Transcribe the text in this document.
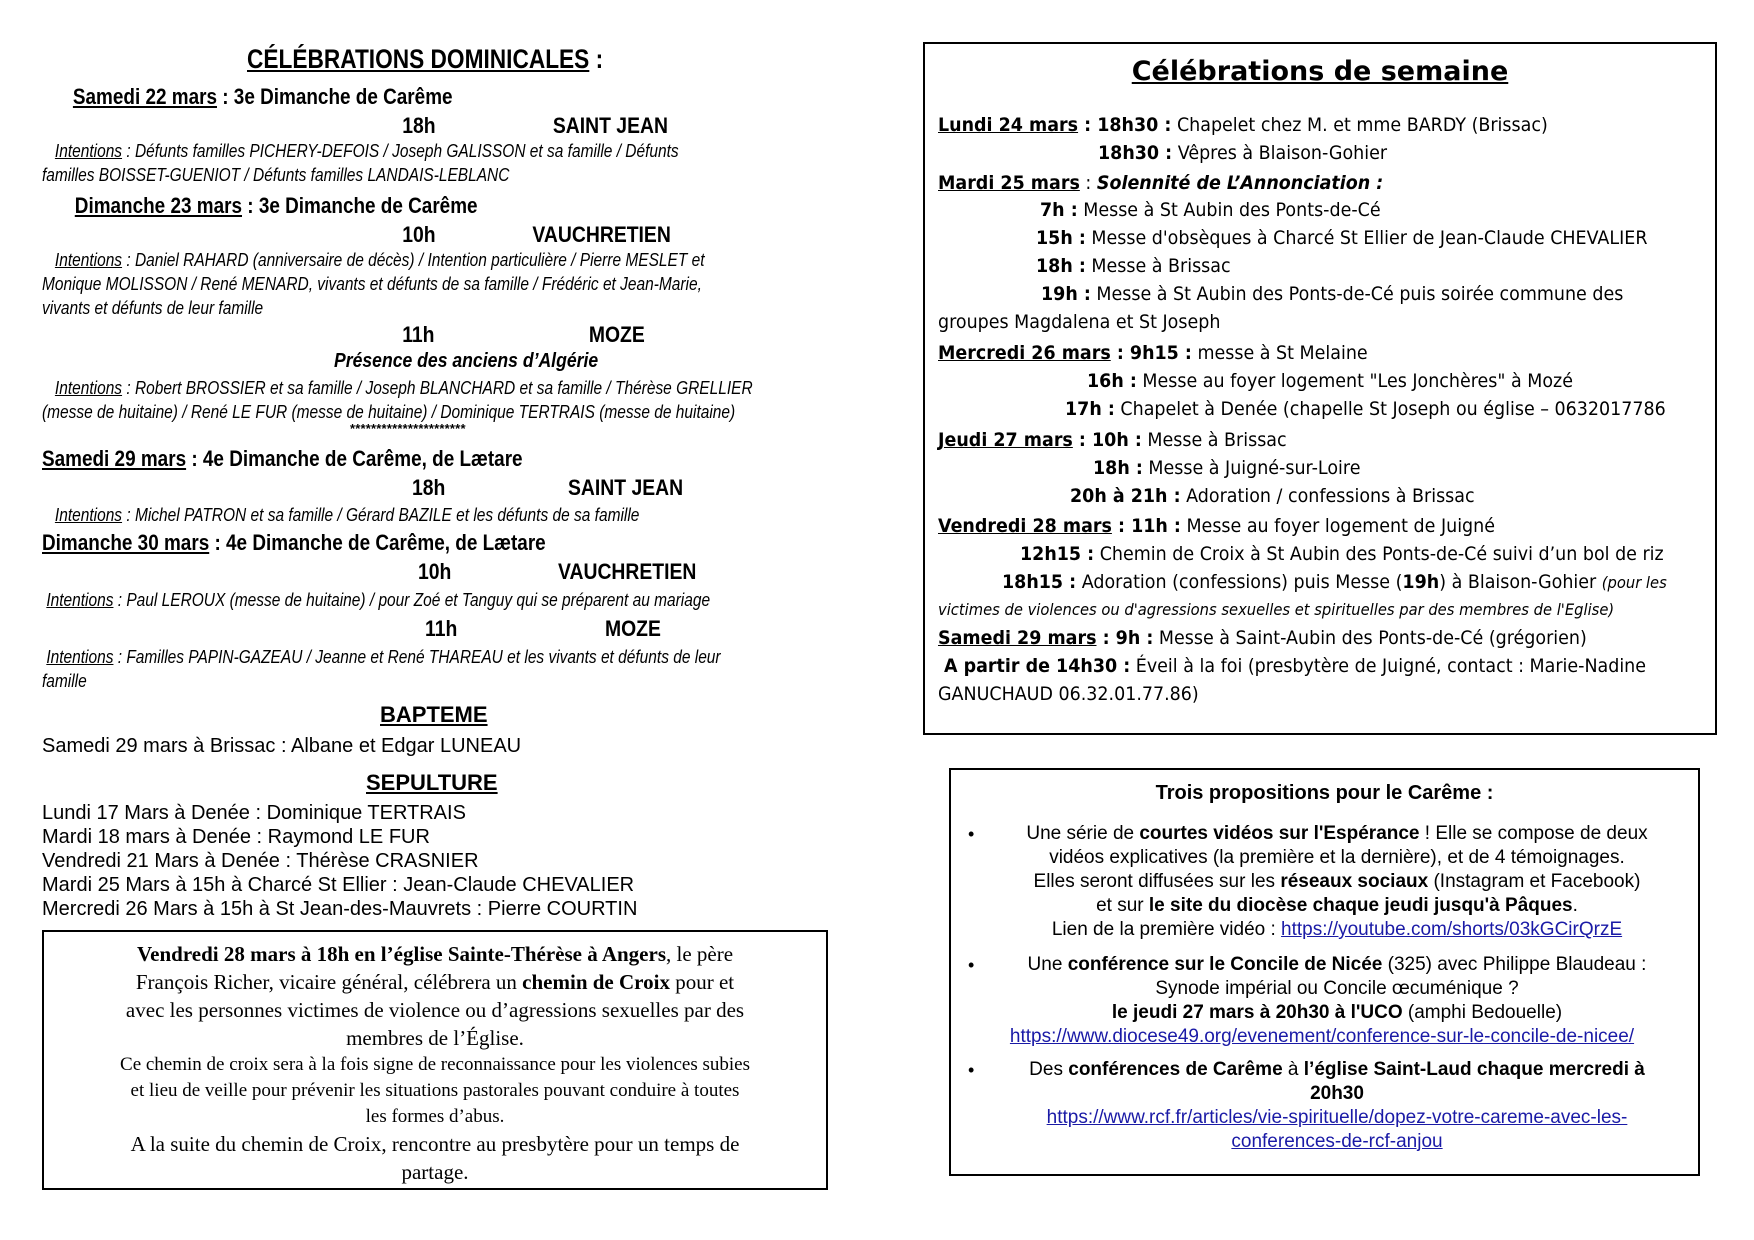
CÉLÉBRATIONS DOMINICALES :
Samedi 22 mars : 3e Dimanche de Carême
18h	SAINT JEAN
Intentions : Défunts familles PICHERY-DEFOIS / Joseph GALISSON et sa famille / Défunts
familles BOISSET-GUENIOT / Défunts familles LANDAIS-LEBLANC
Dimanche 23 mars : 3e Dimanche de Carême
10h	VAUCHRETIEN
Intentions : Daniel RAHARD (anniversaire de décès) / Intention particulière / Pierre MESLET et
Monique MOLISSON / René MENARD, vivants et défunts de sa famille / Frédéric et Jean-Marie,
vivants et défunts de leur famille
11h	MOZE
Présence des anciens d’Algérie
Intentions : Robert BROSSIER et sa famille / Joseph BLANCHARD et sa famille / Thérèse GRELLIER
(messe de huitaine) / René LE FUR (messe de huitaine) / Dominique TERTRAIS (messe de huitaine)
**********************
Samedi 29 mars : 4e Dimanche de Carême, de Lætare
18h	SAINT JEAN
Intentions : Michel PATRON et sa famille / Gérard BAZILE et les défunts de sa famille
Dimanche 30 mars : 4e Dimanche de Carême, de Lætare
10h	VAUCHRETIEN
Intentions : Paul LEROUX (messe de huitaine) / pour Zoé et Tanguy qui se préparent au mariage
11h	MOZE
Intentions : Familles PAPIN-GAZEAU / Jeanne et René THAREAU et les vivants et défunts de leur
famille
BAPTEME
Samedi 29 mars à Brissac : Albane et Edgar LUNEAU
SEPULTURE
Lundi 17 Mars à Denée : Dominique TERTRAIS
Mardi 18 mars à Denée : Raymond LE FUR
Vendredi 21 Mars à Denée : Thérèse CRASNIER
Mardi 25 Mars à 15h à Charcé St Ellier : Jean-Claude CHEVALIER
Mercredi 26 Mars à 15h à St Jean-des-Mauvrets : Pierre COURTIN
Vendredi 28 mars à 18h en l’église Sainte-Thérèse à Angers, le père
François Richer, vicaire général, célébrera un chemin de Croix pour et
avec les personnes victimes de violence ou d’agressions sexuelles par des
membres de l’Église.
Ce chemin de croix sera à la fois signe de reconnaissance pour les violences subies
et lieu de veille pour prévenir les situations pastorales pouvant conduire à toutes
les formes d’abus.
A la suite du chemin de Croix, rencontre au presbytère pour un temps de
partage.
Célébrations de semaine
Lundi 24 mars : 18h30 : Chapelet chez M. et mme BARDY (Brissac)
18h30 : Vêpres à Blaison-Gohier
Mardi 25 mars : Solennité de L’Annonciation :
7h : Messe à St Aubin des Ponts-de-Cé
15h : Messe d'obsèques à Charcé St Ellier de Jean-Claude CHEVALIER
18h : Messe à Brissac
19h : Messe à St Aubin des Ponts-de-Cé puis soirée commune des
groupes Magdalena et St Joseph
Mercredi 26 mars : 9h15 : messe à St Melaine
16h : Messe au foyer logement "Les Jonchères" à Mozé
17h : Chapelet à Denée (chapelle St Joseph ou église – 0632017786
Jeudi 27 mars : 10h : Messe à Brissac
18h : Messe à Juigné-sur-Loire
20h à 21h : Adoration / confessions à Brissac
Vendredi 28 mars : 11h : Messe au foyer logement de Juigné
12h15 : Chemin de Croix à St Aubin des Ponts-de-Cé suivi d’un bol de riz
18h15 : Adoration (confessions) puis Messe (19h) à Blaison-Gohier (pour les
victimes de violences ou d'agressions sexuelles et spirituelles par des membres de l'Eglise)
Samedi 29 mars : 9h : Messe à Saint-Aubin des Ponts-de-Cé (grégorien)
A partir de 14h30 : Éveil à la foi (presbytère de Juigné, contact : Marie-Nadine
GANUCHAUD 06.32.01.77.86)
Trois propositions pour le Carême :
•	Une série de courtes vidéos sur l'Espérance ! Elle se compose de deux
vidéos explicatives (la première et la dernière), et de 4 témoignages.
Elles seront diffusées sur les réseaux sociaux (Instagram et Facebook)
et sur le site du diocèse chaque jeudi jusqu'à Pâques.
Lien de la première vidéo : https://youtube.com/shorts/03kGCirQrzE
•	Une conférence sur le Concile de Nicée (325) avec Philippe Blaudeau :
Synode impérial ou Concile œcuménique ?
le jeudi 27 mars à 20h30 à l'UCO (amphi Bedouelle)
https://www.diocese49.org/evenement/conference-sur-le-concile-de-nicee/
•	Des conférences de Carême à l’église Saint-Laud chaque mercredi à
20h30
https://www.rcf.fr/articles/vie-spirituelle/dopez-votre-careme-avec-les-
conferences-de-rcf-anjou
